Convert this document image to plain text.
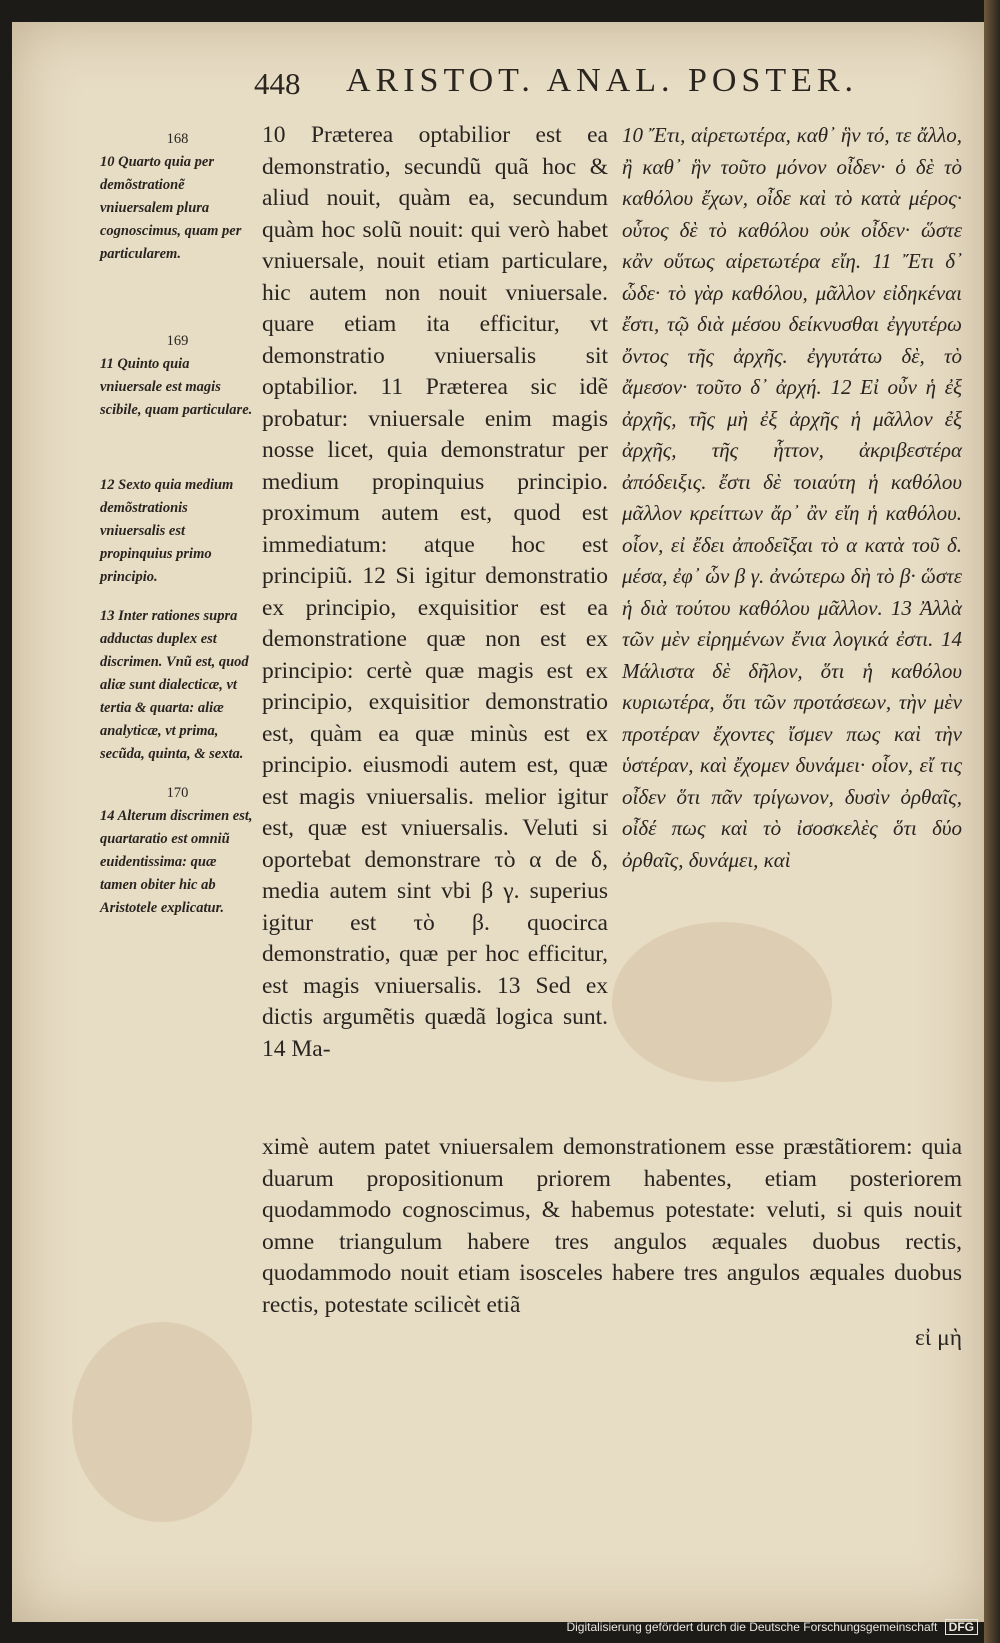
448 ARISTOT. ANAL. POSTER.
168
10 Quarto quia per demõstrationẽ vniuersalem plura cognoscimus, quam per particularem.
169
11 Quinto quia vniuersale est magis scibile, quam particulare.
12 Sexto quia medium demõstrationis vniuersalis est propinquius primo principio.
13 Inter rationes supra adductas duplex est discrimen. Vnũ est, quod aliæ sunt dialecticæ, vt tertia & quarta: aliæ analyticæ, vt prima, secũda, quinta, & sexta.
170
14 Alterum discrimen est, quartaratio est omniũ euidentissima: quæ tamen obiter hic ab Aristotele explicatur.
10 Præterea optabilior est ea demonstratio, secundũ quã hoc & aliud nouit, quàm ea, secundum quàm hoc solũ nouit: qui verò habet vniuersale, nouit etiam particulare, hic autem non nouit vniuersale. quare etiam ita efficitur, vt demonstratio vniuersalis sit optabilior. 11 Præterea sic idẽ probatur: vniuersale enim magis nosse licet, quia demonstratur per medium propinquius principio. proximum autem est, quod est immediatum: atque hoc est principiũ. 12 Si igitur demonstratio ex principio, exquisitior est ea demonstratione quæ non est ex principio: certè quæ magis est ex principio, exquisitior demonstratio est, quàm ea quæ minùs est ex principio. eiusmodi autem est, quæ est magis vniuersalis. melior igitur est, quæ est vniuersalis. Veluti si oportebat demonstrare τὸ α de δ, media autem sint vbi β γ. superius igitur est τὸ β. quocirca demonstratio, quæ per hoc efficitur, est magis vniuersalis. 13 Sed ex dictis argumẽtis quædã logica sunt. 14 Ma-
10 Ἔτι, αἱρετωτέρα, καθ᾽ ἣν τό, τε ἄλλο, ἢ καθ᾽ ἣν τοῦτο μόνον οἶδεν· ὁ δὲ τὸ καθόλου ἔχων, οἶδε καὶ τὸ κατὰ μέρος· οὗτος δὲ τὸ καθόλου οὐκ οἶδεν· ὥστε κἂν οὕτως αἱρετωτέρα εἴη. 11 Ἔτι δ᾽ ὧδε· τὸ γὰρ καθόλου, μᾶλλον εἰδηκέναι ἔστι, τῷ διὰ μέσου δείκνυσθαι ἐγγυτέρω ὄντος τῆς ἀρχῆς. ἐγγυτάτω δὲ, τὸ ἄμεσον· τοῦτο δ᾽ ἀρχή. 12 Εἰ οὖν ἡ ἐξ ἀρχῆς, τῆς μὴ ἐξ ἀρχῆς ἡ μᾶλλον ἐξ ἀρχῆς, τῆς ἧττον, ἀκριβεστέρα ἀπόδειξις. ἔστι δὲ τοιαύτη ἡ καθόλου μᾶλλον κρείττων ἄρ᾽ ἂν εἴη ἡ καθόλου. οἷον, εἰ ἔδει ἀποδεῖξαι τὸ α κατὰ τοῦ δ. μέσα, ἐφ᾽ ὧν β γ. ἀνώτερω δὴ τὸ β· ὥστε ἡ διὰ τούτου καθόλου μᾶλλον. 13 Ἀλλὰ τῶν μὲν εἰρημένων ἔνια λογικά ἐστι. 14 Μάλιστα δὲ δῆλον, ὅτι ἡ καθόλου κυριωτέρα, ὅτι τῶν προτάσεων, τὴν μὲν προτέραν ἔχοντες ἴσμεν πως καὶ τὴν ὑστέραν, καὶ ἔχομεν δυνάμει· οἷον, εἴ τις οἶδεν ὅτι πᾶν τρίγωνον, δυσὶν ὀρθαῖς, οἶδέ πως καὶ τὸ ἰσοσκελὲς ὅτι δύο ὀρθαῖς, δυνάμει, καὶ
ximè autem patet vniuersalem demonstrationem esse præstãtiorem: quia duarum propositionum priorem habentes, etiam posteriorem quodammodo cognoscimus, & habemus potestate: veluti, si quis nouit omne triangulum habere tres angulos æquales duobus rectis, quodammodo nouit etiam isosceles habere tres angulos æquales duobus rectis, potestate scilicèt etiã
εἰ μὴ
Digitalisierung gefördert durch die Deutsche Forschungsgemeinschaft DFG
